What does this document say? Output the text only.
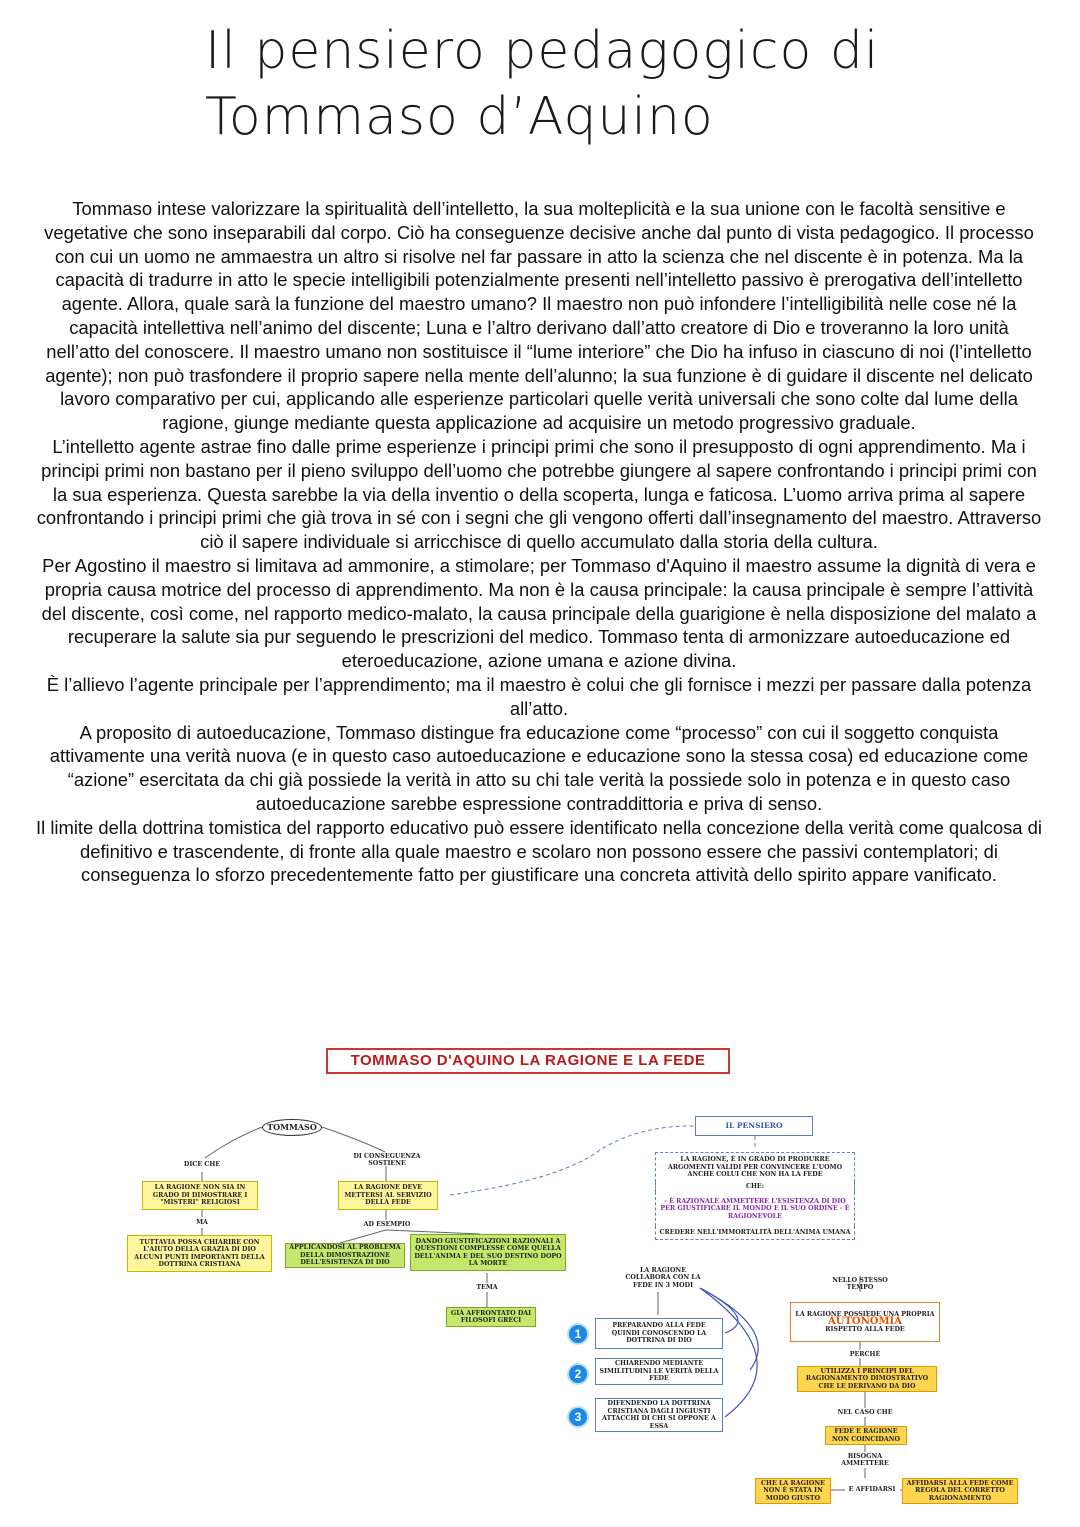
Il pensiero pedagogico di
Tommaso d’Aquino

Tommaso intese valorizzare la spiritualità dell’intelletto, la sua molteplicità e la sua unione con le facoltà sensitive e vegetative che sono inseparabili dal corpo. Ciò ha conseguenze decisive anche dal punto di vista pedagogico. Il processo con cui un uomo ne ammaestra un altro si risolve nel far passare in atto la scienza che nel discente è in potenza. Ma la capacità di tradurre in atto le specie intelligibili potenzialmente presenti nell’intelletto passivo è prerogativa dell’intelletto agente. Allora, quale sarà la funzione del maestro umano? Il maestro non può infondere l’intelligibilità nelle cose né la capacità intellettiva nell’animo del discente; Luna e l’altro derivano dall’atto creatore di Dio e troveranno la loro unità nell’atto del conoscere. Il maestro umano non sostituisce il “lume interiore” che Dio ha infuso in ciascuno di noi (l’intelletto agente); non può trasfondere il proprio sapere nella mente dell’alunno; la sua funzione è di guidare il discente nel delicato lavoro comparativo per cui, applicando alle esperienze particolari quelle verità universali che sono colte dal lume della ragione, giunge mediante questa applicazione ad acquisire un metodo progressivo graduale.

L’intelletto agente astrae fino dalle prime esperienze i principi primi che sono il presupposto di ogni apprendimento. Ma i principi primi non bastano per il pieno sviluppo dell’uomo che potrebbe giungere al sapere confrontando i principi primi con la sua esperienza. Questa sarebbe la via della inventio o della scoperta, lunga e faticosa. L’uomo arriva prima al sapere confrontando i principi primi che già trova in sé con i segni che gli vengono offerti dall’insegnamento del maestro. Attraverso ciò il sapere individuale si arricchisce di quello accumulato dalla storia della cultura.

Per Agostino il maestro si limitava ad ammonire, a stimolare; per Tommaso d'Aquino il maestro assume la dignità di vera e propria causa motrice del processo di apprendimento. Ma non è la causa principale: la causa principale è sempre l’attività del discente, così come, nel rapporto medico-malato, la causa principale della guarigione è nella disposizione del malato a recuperare la salute sia pur seguendo le prescrizioni del medico. Tommaso tenta di armonizzare autoeducazione ed eteroeducazione, azione umana e azione divina.

È l’allievo l’agente principale per l’apprendimento; ma il maestro è colui che gli fornisce i mezzi per passare dalla potenza all’atto.

A proposito di autoeducazione, Tommaso distingue fra educazione come “processo” con cui il soggetto conquista attivamente una verità nuova (e in questo caso autoeducazione e educazione sono la stessa cosa) ed educazione come “azione” esercitata da chi già possiede la verità in atto su chi tale verità la possiede solo in potenza e in questo caso autoeducazione sarebbe espressione contraddittoria e priva di senso.

Il limite della dottrina tomistica del rapporto educativo può essere identificato nella concezione della verità come qualcosa di definitivo e trascendente, di fronte alla quale maestro e scolaro non possono essere che passivi contemplatori; di conseguenza lo sforzo precedentemente fatto per giustificare una concreta attività dello spirito appare vanificato.

TOMMASO D'AQUINO LA RAGIONE E LA FEDE
TOMMASO
DICE CHE
LA RAGIONE NON SIA IN GRADO DI DIMOSTRARE I "MISTERI" RELIGIOSI
MA
TUTTAVIA POSSA CHIARIRE CON L'AIUTO DELLA GRAZIA DI DIO ALCUNI PUNTI IMPORTANTI DELLA DOTTRINA CRISTIANA
DI CONSEGUENZA SOSTIENE
LA RAGIONE DEVE METTERSI AL SERVIZIO DELLA FEDE
AD ESEMPIO
APPLICANDOSI AL PROBLEMA DELLA DIMOSTRAZIONE DELL'ESISTENZA DI DIO
DANDO GIUSTIFICAZIONI RAZIONALI A QUESTIONI COMPLESSE COME QUELLA DELL'ANIMA E DEL SUO DESTINO DOPO LA MORTE
TEMA
GIÀ AFFRONTATO DAI FILOSOFI GRECI
IL PENSIERO
LA RAGIONE, È IN GRADO DI PRODURRE ARGOMENTI VALIDI PER CONVINCERE L'UOMO ANCHE COLUI CHE NON HA LA FEDE
CHE:
- È RAZIONALE AMMETTERE L'ESISTENZA DI DIO PER GIUSTIFICARE IL MONDO E IL SUO ORDINE - È RAGIONEVOLE
CREDERE NELL'IMMORTALITÀ DELL'ANIMA UMANA
LA RAGIONE COLLABORA CON LA FEDE IN 3 MODI
1
PREPARANDO ALLA FEDE QUINDI CONOSCENDO LA DOTTRINA DI DIO
2
CHIARENDO MEDIANTE SIMILITUDINI LE VERITÀ DELLA FEDE
3
DIFENDENDO LA DOTTRINA CRISTIANA DAGLI INGIUSTI ATTACCHI DI CHI SI OPPONE A ESSA
NELLO STESSO TEMPO
LA RAGIONE POSSIEDE UNA PROPRIA
AUTONOMIA
RISPETTO ALLA FEDE
PERCHÉ
UTILIZZA I PRINCIPI DEL RAGIONAMENTO DIMOSTRATIVO CHE LE DERIVANO DA DIO
NEL CASO CHE
FEDE E RAGIONE NON COINCIDANO
BISOGNA AMMETTERE
CHE LA RAGIONE NON È STATA IN MODO GIUSTO
E AFFIDARSI
AFFIDARSI ALLA FEDE COME REGOLA DEL CORRETTO RAGIONAMENTO
